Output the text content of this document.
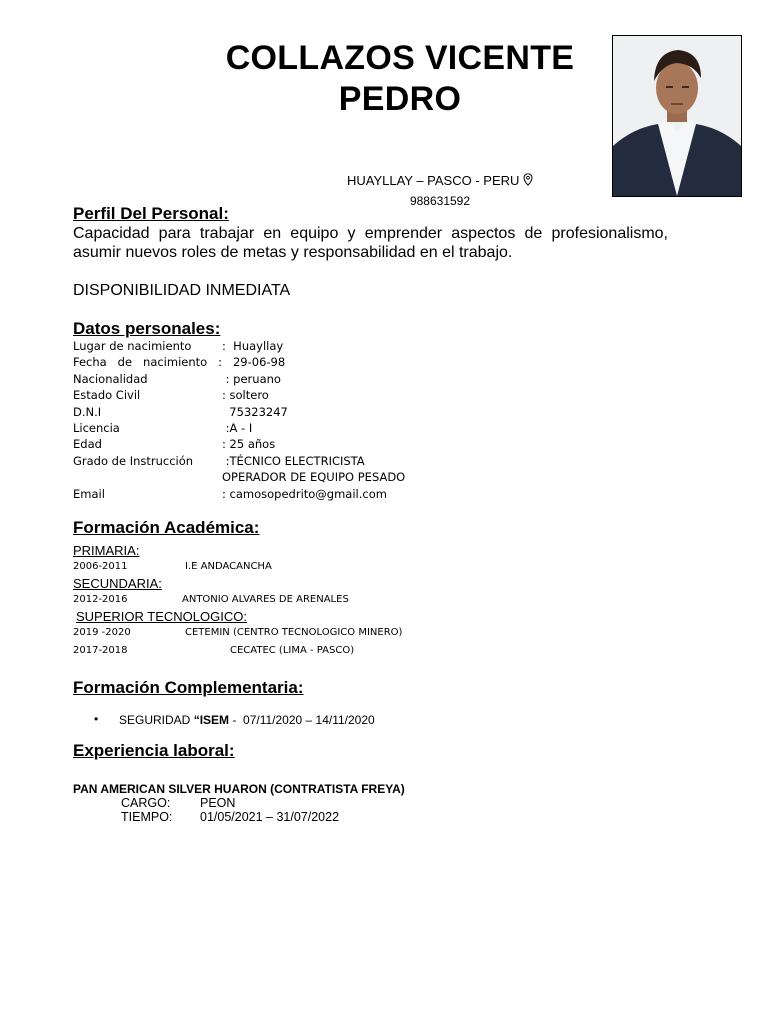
COLLAZOS VICENTE
PEDRO
HUAYLLAY – PASCO - PERU
988631592
Perfil Del Personal:
Capacidad para trabajar en equipo y emprender aspectos de profesionalismo,
asumir nuevos roles de metas y responsabilidad en el trabajo.
DISPONIBILIDAD INMEDIATA
Datos personales:
Lugar de nacimiento	:  Huayllay
Fecha   de   nacimiento   : 29-06-98
Nacionalidad	: peruano
Estado Civil	: soltero
D.N.I	75323247
Licencia	:A - I
Edad	: 25 años
Grado de Instrucción	:TÉCNICO ELECTRICISTA
OPERADOR DE EQUIPO PESADO
Email	: camosopedrito@gmail.com
Formación Académica:
PRIMARIA:
2006-2011	I.E ANDACANCHA
SECUNDARIA:
2012-2016	ANTONIO ALVARES DE ARENALES
SUPERIOR TECNOLOGICO:
2019 -2020	CETEMIN (CENTRO TECNOLOGICO MINERO)
2017-2018	CECATEC (LIMA - PASCO)
Formación Complementaria:
• SEGURIDAD “ISEM -  07/11/2020 – 14/11/2020
Experiencia laboral:
PAN AMERICAN SILVER HUARON (CONTRATISTA FREYA)
CARGO: PEON
TIEMPO: 01/05/2021 – 31/07/2022
